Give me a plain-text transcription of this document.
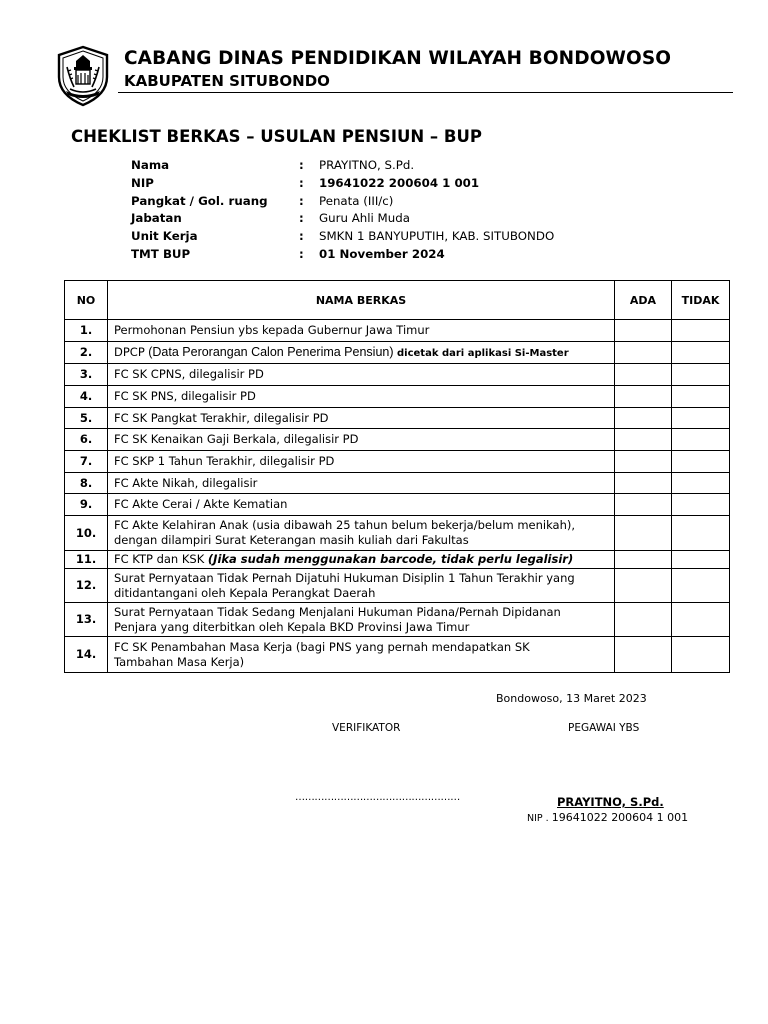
CABANG DINAS PENDIDIKAN WILAYAH BONDOWOSO
KABUPATEN SITUBONDO
CHEKLIST BERKAS – USULAN PENSIUN – BUP
Nama	: PRAYITNO, S.Pd.
NIP	: 19641022 200604 1 001
Pangkat / Gol. ruang	: Penata (III/c)
Jabatan	: Guru Ahli Muda
Unit Kerja	: SMKN 1 BANYUPUTIH, KAB. SITUBONDO
TMT BUP	: 01 November 2024
NO	NAMA BERKAS	ADA	TIDAK
1.	Permohonan Pensiun ybs kepada Gubernur Jawa Timur		
2.	DPCP (Data Perorangan Calon Penerima Pensiun) dicetak dari aplikasi Si-Master		
3.	FC SK CPNS, dilegalisir PD		
4.	FC SK PNS, dilegalisir PD		
5.	FC SK Pangkat Terakhir, dilegalisir PD		
6.	FC SK Kenaikan Gaji Berkala, dilegalisir PD		
7.	FC SKP 1 Tahun Terakhir, dilegalisir PD		
8.	FC Akte Nikah, dilegalisir		
9.	FC Akte Cerai / Akte Kematian		
10.	FC Akte Kelahiran Anak (usia dibawah 25 tahun belum bekerja/belum menikah),
dengan dilampiri Surat Keterangan masih kuliah dari Fakultas		

11.	FC KTP dan KSK (Jika sudah menggunakan barcode, tidak perlu legalisir)		
12.	Surat Pernyataan Tidak Pernah Dijatuhi Hukuman Disiplin 1 Tahun Terakhir yang
ditidantangani oleh Kepala Perangkat Daerah		

13.	Surat Pernyataan Tidak Sedang Menjalani Hukuman Pidana/Pernah Dipidanan
Penjara yang diterbitkan oleh Kepala BKD Provinsi Jawa Timur		

14.	FC SK Penambahan Masa Kerja (bagi PNS yang pernah mendapatkan SK
Tambahan Masa Kerja)		

Bondowoso, 13 Maret 2023
VERIFIKATOR	PEGAWAI YBS
……………………………………………	PRAYITNO, S.Pd.
NIP . 19641022 200604 1 001
